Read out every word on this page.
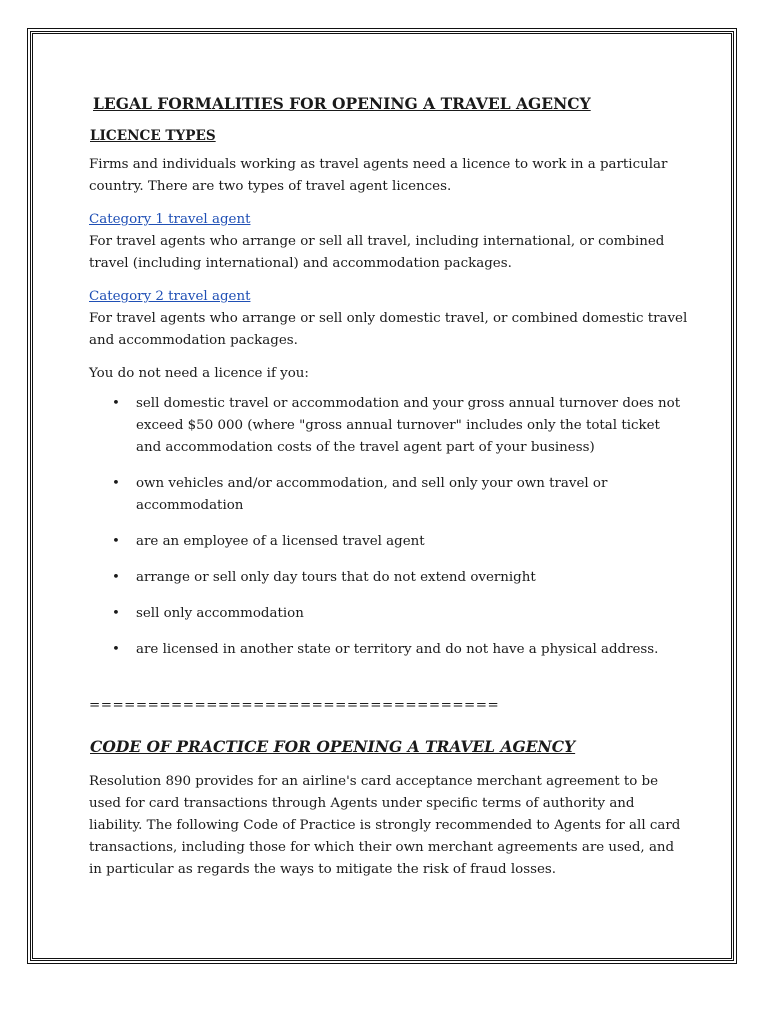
LEGAL FORMALITIES FOR OPENING A TRAVEL AGENCY
LICENCE TYPES

Firms and individuals working as travel agents need a licence to work in a particular country. There are two types of travel agent licences.

Category 1 travel agent
For travel agents who arrange or sell all travel, including international, or combined travel (including international) and accommodation packages.

Category 2 travel agent
For travel agents who arrange or sell only domestic travel, or combined domestic travel and accommodation packages.

You do not need a licence if you:

• sell domestic travel or accommodation and your gross annual turnover does not exceed $50 000 (where "gross annual turnover" includes only the total ticket and accommodation costs of the travel agent part of your business)
• own vehicles and/or accommodation, and sell only your own travel or accommodation
• are an employee of a licensed travel agent
• arrange or sell only day tours that do not extend overnight
• sell only accommodation
• are licensed in another state or territory and do not have a physical address.
===================================
CODE OF PRACTICE FOR OPENING A TRAVEL AGENCY

Resolution 890 provides for an airline's card acceptance merchant agreement to be used for card transactions through Agents under specific terms of authority and liability. The following Code of Practice is strongly recommended to Agents for all card transactions, including those for which their own merchant agreements are used, and in particular as regards the ways to mitigate the risk of fraud losses.
